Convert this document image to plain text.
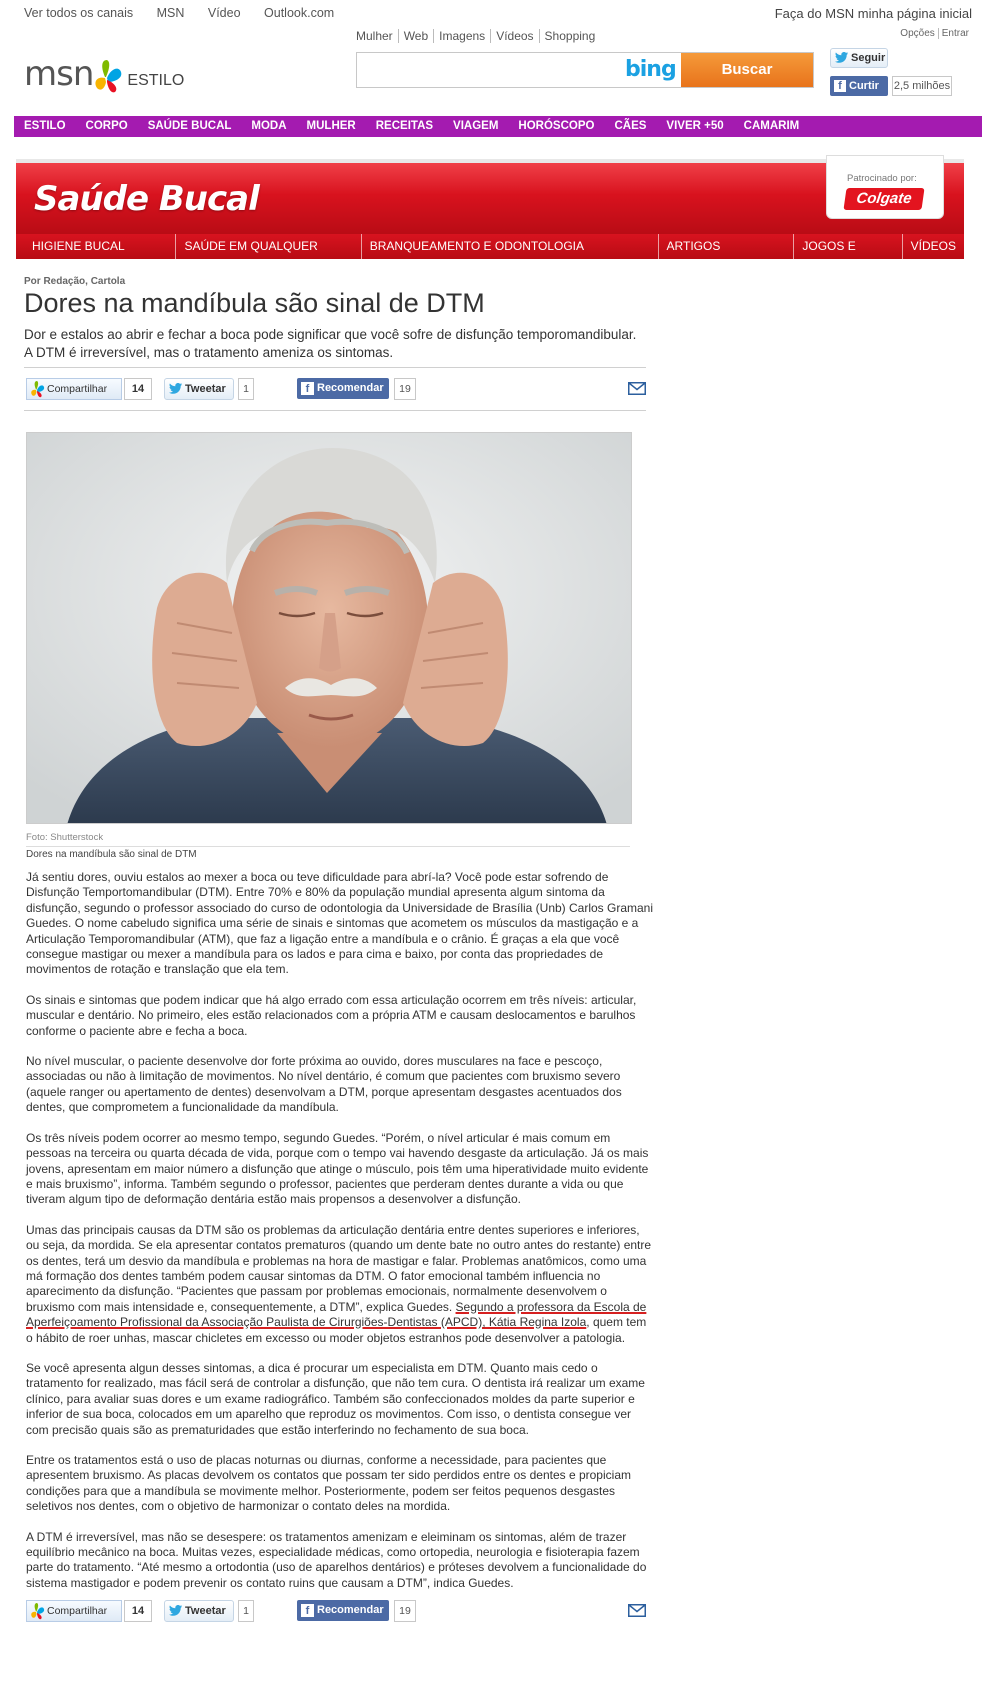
Ver todos os canais MSN Vídeo Outlook.com	Faça do MSN minha página inicial
Opções Entrar
msn ESTILO
Mulher Web Imagens Vídeos Shopping
bing	Buscar
Seguir
f Curtir	2,5 milhões
ESTILO	CORPO	SAÚDE BUCAL	MODA	MULHER	RECEITAS	VIAGEM	HORÓSCOPO	CÃES	VIVER +50	CAMARIM
Saúde Bucal
Patrocinado por:
Colgate
HIGIENE BUCAL BÁSICA
SAÚDE EM QUALQUER IDADE
BRANQUEAMENTO E ODONTOLOGIA COSMÉTICA
ARTIGOS RECENTES
JOGOS E GUIAS
VÍDEOS
Por Redação, Cartola
Dores na mandíbula são sinal de DTM
Dor e estalos ao abrir e fechar a boca pode significar que você sofre de disfunção temporomandibular. A DTM é irreversível, mas o tratamento ameniza os sintomas.
Compartilhar	14	Tweetar	1	f Recomendar	19
Foto: Shutterstock
Dores na mandíbula são sinal de DTM

Já sentiu dores, ouviu estalos ao mexer a boca ou teve dificuldade para abrí-la? Você pode estar sofrendo de Disfunção Temportomandibular (DTM). Entre 70% e 80% da população mundial apresenta algum sintoma da disfunção, segundo o professor associado do curso de odontologia da Universidade de Brasília (Unb) Carlos Gramani Guedes. O nome cabeludo significa uma série de sinais e sintomas que acometem os músculos da mastigação e a Articulação Temporomandibular (ATM), que faz a ligação entre a mandíbula e o crânio. É graças a ela que você consegue mastigar ou mexer a mandíbula para os lados e para cima e baixo, por conta das propriedades de movimentos de rotação e translação que ela tem.

Os sinais e sintomas que podem indicar que há algo errado com essa articulação ocorrem em três níveis: articular, muscular e dentário. No primeiro, eles estão relacionados com a própria ATM e causam deslocamentos e barulhos conforme o paciente abre e fecha a boca.

No nível muscular, o paciente desenvolve dor forte próxima ao ouvido, dores musculares na face e pescoço, associadas ou não à limitação de movimentos. No nível dentário, é comum que pacientes com bruxismo severo (aquele ranger ou apertamento de dentes) desenvolvam a DTM, porque apresentam desgastes acentuados dos dentes, que comprometem a funcionalidade da mandíbula.

Os três níveis podem ocorrer ao mesmo tempo, segundo Guedes. “Porém, o nível articular é mais comum em pessoas na terceira ou quarta década de vida, porque com o tempo vai havendo desgaste da articulação. Já os mais jovens, apresentam em maior número a disfunção que atinge o músculo, pois têm uma hiperatividade muito evidente e mais bruxismo”, informa. Também segundo o professor, pacientes que perderam dentes durante a vida ou que tiveram algum tipo de deformação dentária estão mais propensos a desenvolver a disfunção.

Umas das principais causas da DTM são os problemas da articulação dentária entre dentes superiores e inferiores, ou seja, da mordida. Se ela apresentar contatos prematuros (quando um dente bate no outro antes do restante) entre os dentes, terá um desvio da mandíbula e problemas na hora de mastigar e falar. Problemas anatômicos, como uma má formação dos dentes também podem causar sintomas da DTM. O fator emocional também influencia no aparecimento da disfunção. “Pacientes que passam por problemas emocionais, normalmente desenvolvem o bruxismo com mais intensidade e, consequentemente, a DTM”, explica Guedes. Segundo a professora da Escola de Aperfeiçoamento Profissional da Associação Paulista de Cirurgiões-Dentistas (APCD), Kátia Regina Izola, quem tem o hábito de roer unhas, mascar chicletes em excesso ou moder objetos estranhos pode desenvolver a patologia.

Se você apresenta algun desses sintomas, a dica é procurar um especialista em DTM. Quanto mais cedo o tratamento for realizado, mas fácil será de controlar a disfunção, que não tem cura. O dentista irá realizar um exame clínico, para avaliar suas dores e um exame radiográfico. Também são confeccionados moldes da parte superior e inferior de sua boca, colocados em um aparelho que reproduz os movimentos. Com isso, o dentista consegue ver com precisão quais são as prematuridades que estão interferindo no fechamento de sua boca.

Entre os tratamentos está o uso de placas noturnas ou diurnas, conforme a necessidade, para pacientes que apresentem bruxismo. As placas devolvem os contatos que possam ter sido perdidos entre os dentes e propiciam condições para que a mandíbula se movimente melhor. Posteriormente, podem ser feitos pequenos desgastes seletivos nos dentes, com o objetivo de harmonizar o contato deles na mordida.

A DTM é irreversível, mas não se desespere: os tratamentos amenizam e eleiminam os sintomas, além de trazer equilíbrio mecânico na boca. Muitas vezes, especialidade médicas, como ortopedia, neurologia e fisioterapia fazem parte do tratamento. “Até mesmo a ortodontia (uso de aparelhos dentários) e próteses devolvem a funcionalidade do sistema mastigador e podem prevenir os contato ruins que causam a DTM”, indica Guedes.

Compartilhar	14	Tweetar	1	f Recomendar	19
